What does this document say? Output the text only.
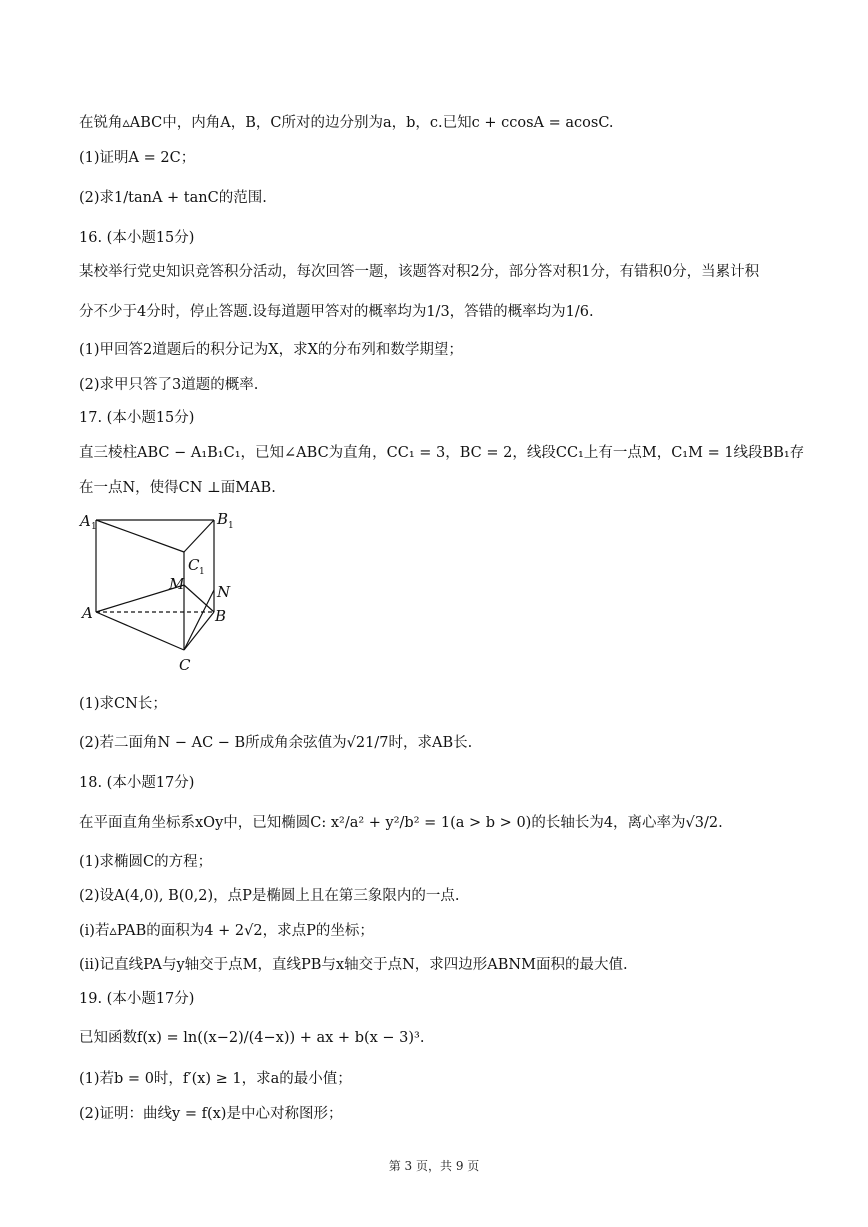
在锐角▵ABC中，内角A，B，C所对的边分别为a，b，c.已知c + ccosA = acosC.
(1)证明A = 2C；
(2)求1/tanA + tanC的范围.
16. (本小题15分)
某校举行党史知识竞答积分活动，每次回答一题，该题答对积2分，部分答对积1分，有错积0分，当累计积
分不少于4分时，停止答题.设每道题甲答对的概率均为1/3，答错的概率均为1/6.
(1)甲回答2道题后的积分记为X，求X的分布列和数学期望；
(2)求甲只答了3道题的概率.
17. (本小题15分)
直三棱柱ABC − A₁B₁C₁，已知∠ABC为直角，CC₁ = 3，BC = 2，线段CC₁上有一点M，C₁M = 1线段BB₁存
在一点N，使得CN ⊥面MAB.
A 1	B 1
C 1
M N
A	B
C
(1)求CN长；
(2)若二面角N − AC − B所成角余弦值为√21/7时，求AB长.
18. (本小题17分)
在平面直角坐标系xOy中，已知椭圆C: x²/a² + y²/b² = 1(a > b > 0)的长轴长为4，离心率为√3/2.
(1)求椭圆C的方程；
(2)设A(4,0), B(0,2)，点P是椭圆上且在第三象限内的一点.
(i)若▵PAB的面积为4 + 2√2，求点P的坐标；
(ii)记直线PA与y轴交于点M，直线PB与x轴交于点N，求四边形ABNM面积的最大值.
19. (本小题17分)
已知函数f(x) = ln((x−2)/(4−x)) + ax + b(x − 3)³.
(1)若b = 0时，f′(x) ≥ 1，求a的最小值；
(2)证明：曲线y = f(x)是中心对称图形；
第 3 页，共 9 页
